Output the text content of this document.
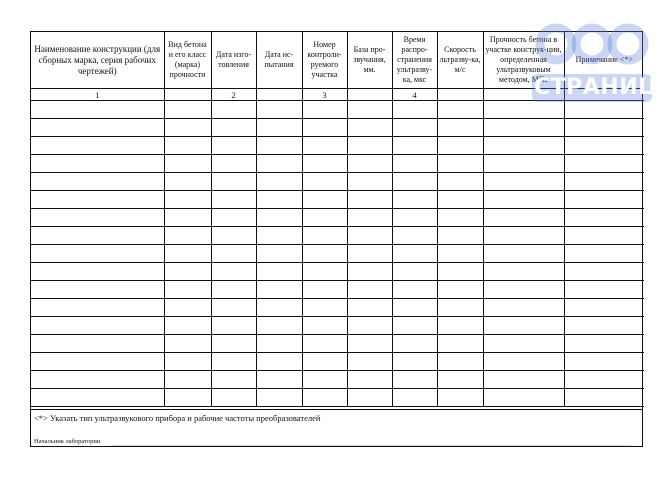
Наименование конструкции (для сборных марка, серия рабочих чертежей)	Вид бетона и его класс (марка) прочности	Дата изго-товления	Дата ис-пытания	Номер контроли-руемого участка	База про-звучания, мм.	Время распро-странения ультразву-ка, мкс	Скорость льтразву-ка, м/с	Прочность бетона в участке конструк-ции, определенная ультразвуковым методом, МПа	Примечание <*>
1		2		3		4			

<*> Указать тип ультразвукового прибора и рабочие частоты преобразователей
Начальник лаборатории
СТРАНИЦ
